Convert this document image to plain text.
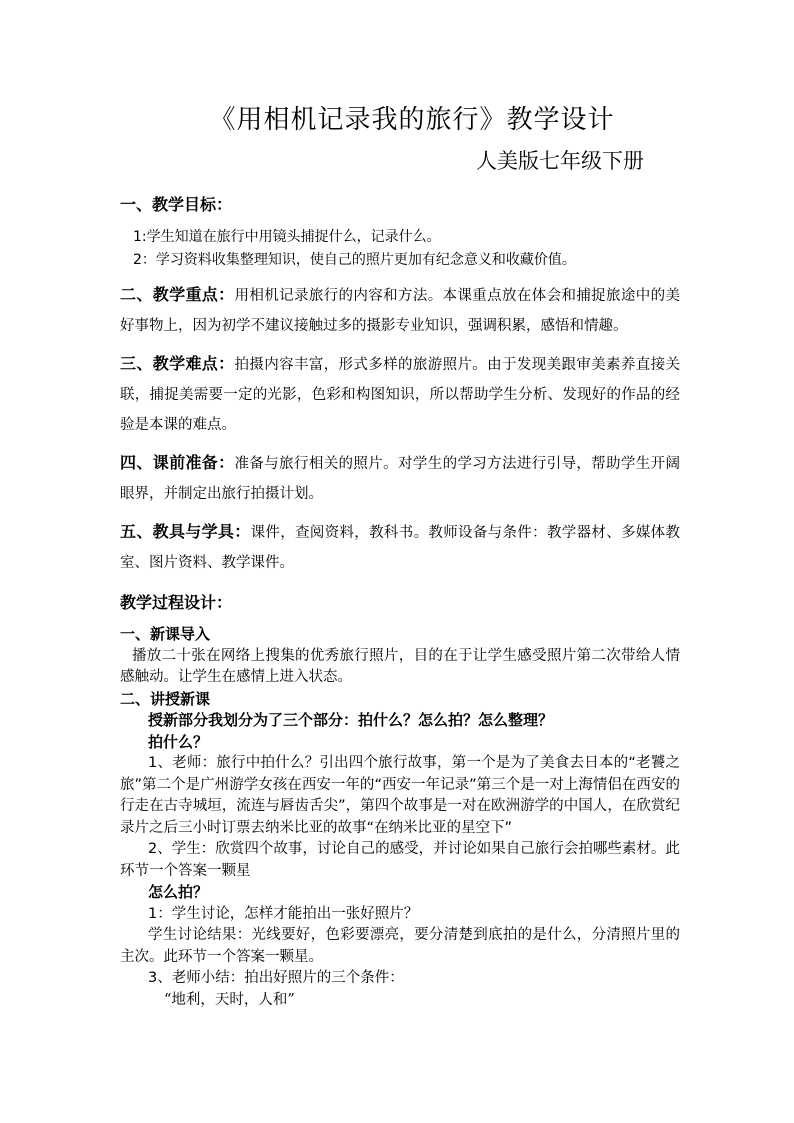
《用相机记录我的旅行》教学设计
人美版七年级下册

一、教学目标：

1:学生知道在旅行中用镜头捕捉什么，记录什么。

2：学习资料收集整理知识，使自己的照片更加有纪念意义和收藏价值。

二、教学重点：用相机记录旅行的内容和方法。本课重点放在体会和捕捉旅途中的美好事物上，因为初学不建议接触过多的摄影专业知识，强调积累，感悟和情趣。

三、教学难点：拍摄内容丰富，形式多样的旅游照片。由于发现美跟审美素养直接关联，捕捉美需要一定的光影，色彩和构图知识，所以帮助学生分析、发现好的作品的经验是本课的难点。

四、课前准备：准备与旅行相关的照片。对学生的学习方法进行引导，帮助学生开阔眼界，并制定出旅行拍摄计划。

五、教具与学具：课件，查阅资料，教科书。教师设备与条件：教学器材、多媒体教室、图片资料、教学课件。

教学过程设计：

一、新课导入

播放二十张在网络上搜集的优秀旅行照片，目的在于让学生感受照片第二次带给人情感触动。让学生在感情上进入状态。

二、讲授新课

授新部分我划分为了三个部分：拍什么？怎么拍？怎么整理？

拍什么？

1、老师：旅行中拍什么？引出四个旅行故事，第一个是为了美食去日本的“老饕之旅”第二个是广州游学女孩在西安一年的“西安一年记录”第三个是一对上海情侣在西安的行走在古寺城垣，流连与唇齿舌尖”，第四个故事是一对在欧洲游学的中国人，在欣赏纪录片之后三小时订票去纳米比亚的故事“在纳米比亚的星空下”

2、学生：欣赏四个故事，讨论自己的感受，并讨论如果自己旅行会拍哪些素材。此环节一个答案一颗星

怎么拍？

1：学生讨论，怎样才能拍出一张好照片？

学生讨论结果：光线要好，色彩要漂亮，要分清楚到底拍的是什么，分清照片里的主次。此环节一个答案一颗星。

3、老师小结：拍出好照片的三个条件：

“地利，天时，人和”
